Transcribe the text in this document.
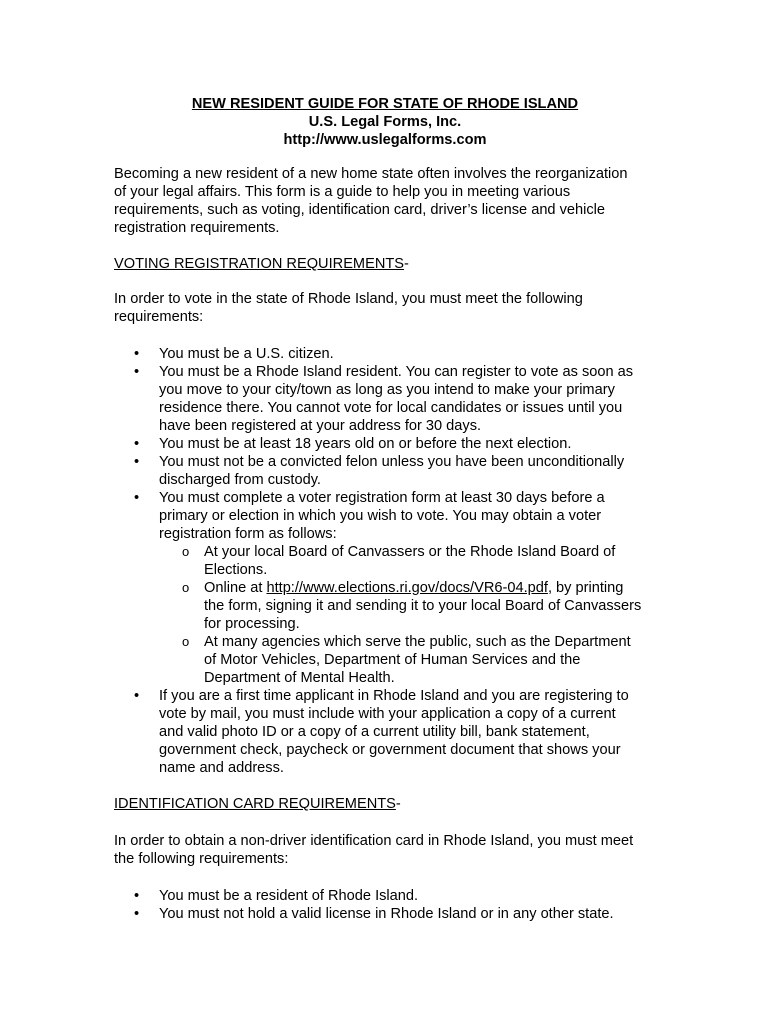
NEW RESIDENT GUIDE FOR STATE OF RHODE ISLAND
U.S. Legal Forms, Inc.
http://www.uslegalforms.com

Becoming a new resident of a new home state often involves the reorganization
of your legal affairs. This form is a guide to help you in meeting various
requirements, such as voting, identification card, driver’s license and vehicle
registration requirements.

VOTING REGISTRATION REQUIREMENTS-

In order to vote in the state of Rhode Island, you must meet the following
requirements:

• You must be a U.S. citizen.
• You must be a Rhode Island resident. You can register to vote as soon as
you move to your city/town as long as you intend to make your primary
residence there. You cannot vote for local candidates or issues until you
have been registered at your address for 30 days.
• You must be at least 18 years old on or before the next election.
• You must not be a convicted felon unless you have been unconditionally
discharged from custody.
• You must complete a voter registration form at least 30 days before a
primary or election in which you wish to vote. You may obtain a voter
registration form as follows:
o At your local Board of Canvassers or the Rhode Island Board of
Elections.
o Online at http://www.elections.ri.gov/docs/VR6-04.pdf, by printing
the form, signing it and sending it to your local Board of Canvassers
for processing.
o At many agencies which serve the public, such as the Department
of Motor Vehicles, Department of Human Services and the
Department of Mental Health.
• If you are a first time applicant in Rhode Island and you are registering to
vote by mail, you must include with your application a copy of a current
and valid photo ID or a copy of a current utility bill, bank statement,
government check, paycheck or government document that shows your
name and address.
IDENTIFICATION CARD REQUIREMENTS-

In order to obtain a non-driver identification card in Rhode Island, you must meet
the following requirements:

• You must be a resident of Rhode Island.
• You must not hold a valid license in Rhode Island or in any other state.
